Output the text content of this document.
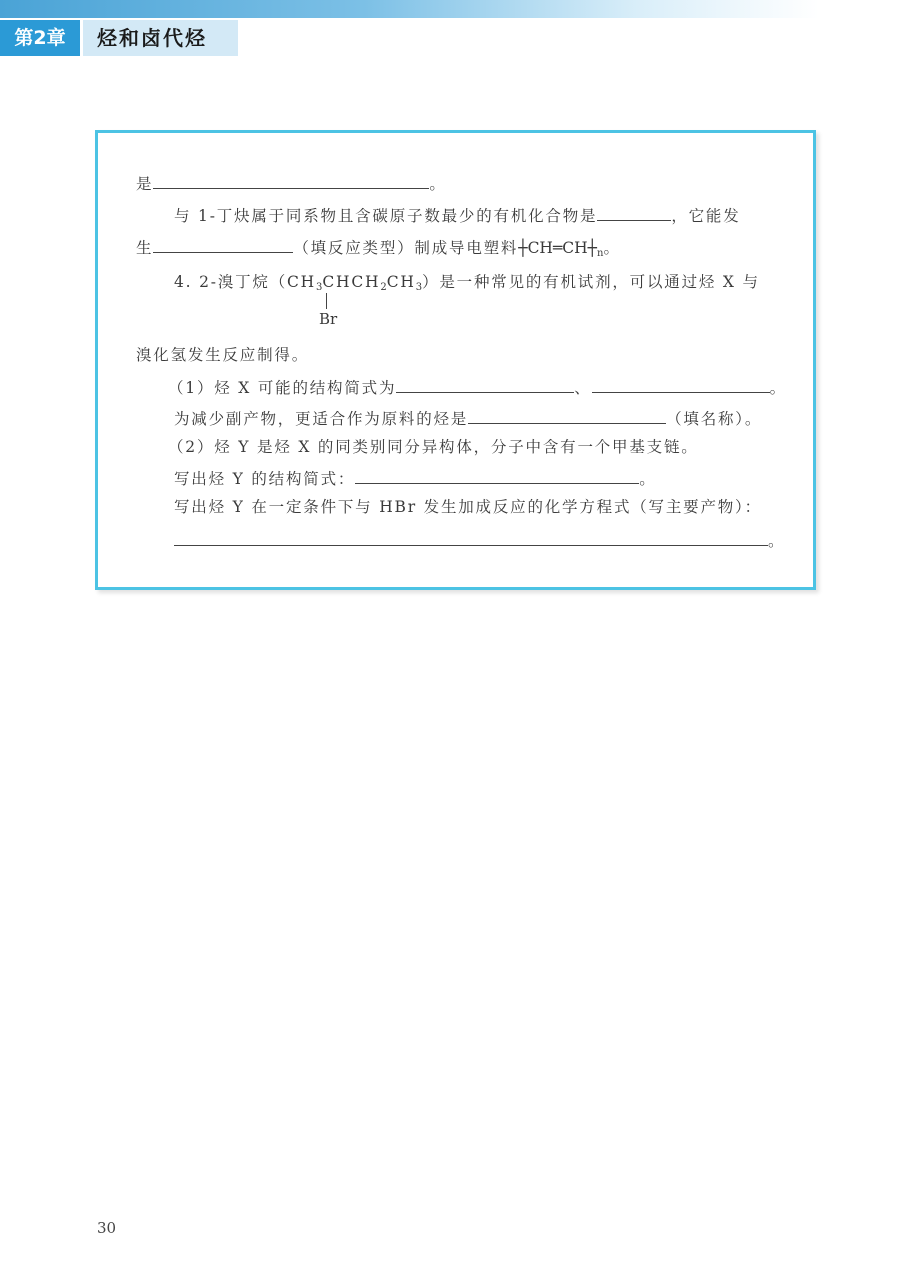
第2章	烃和卤代烃
是	。
与 1-丁炔属于同系物且含碳原子数最少的有机化合物是	，它能发
生	（填反应类型）制成导电塑料$┼CH═CH┼_n$。
4. 2-溴丁烷$(CH_3CHCH_2CH_3)$是一种常见的有机试剂，可以通过烃 X 与
Br
溴化氢发生反应制得。
（1）烃 X 可能的结构简式为	、	。
为减少副产物，更适合作为原料的烃是	（填名称）。
（2）烃 Y 是烃 X 的同类别同分异构体，分子中含有一个甲基支链。
写出烃 Y 的结构简式：	。
写出烃 Y 在一定条件下与 HBr 发生加成反应的化学方程式（写主要产物）：
。
30
